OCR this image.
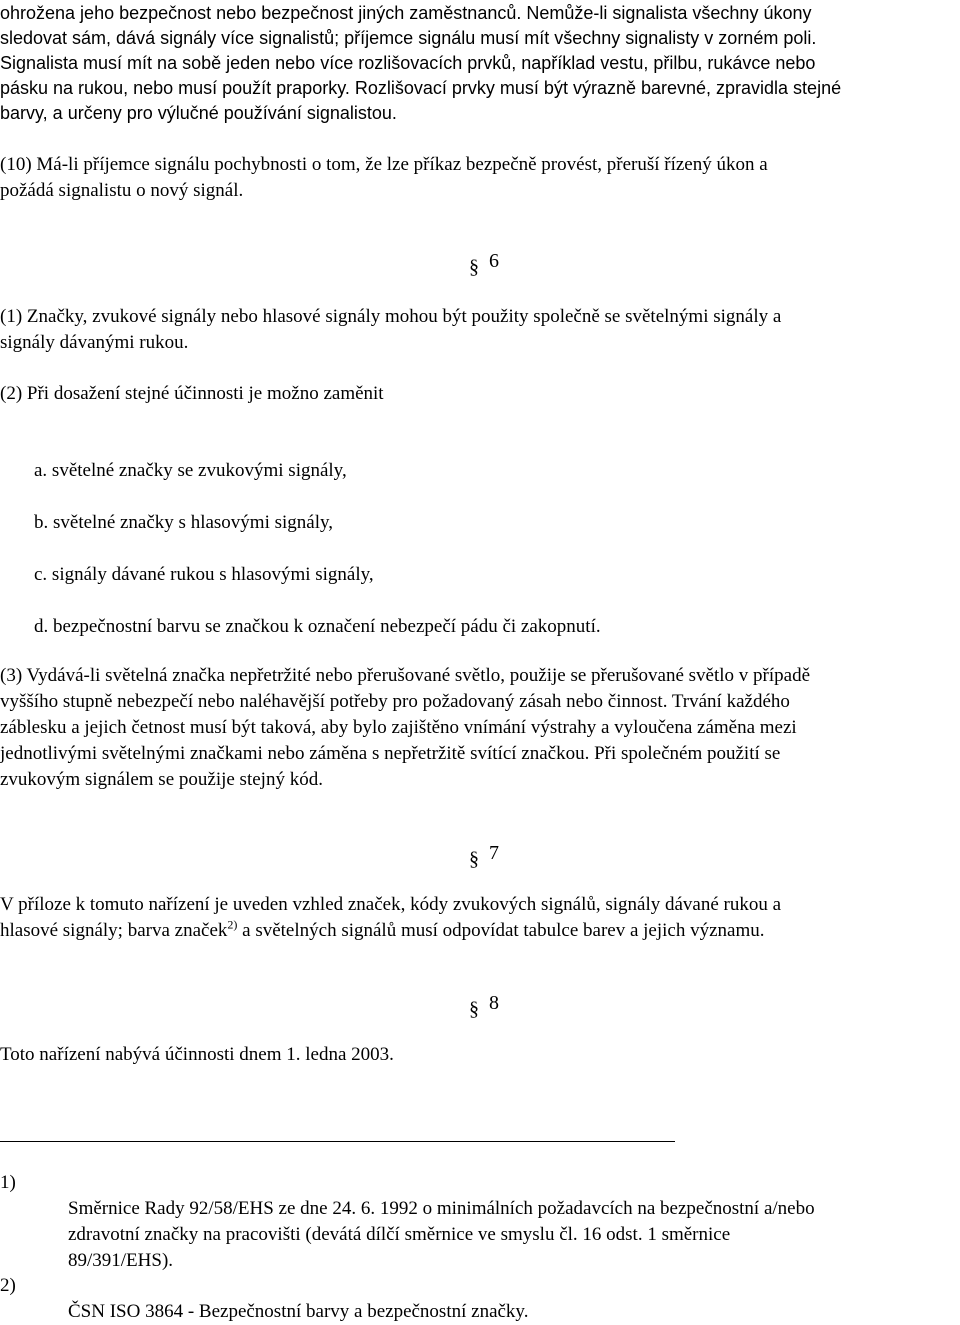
ohrožena jeho bezpečnost nebo bezpečnost jiných zaměstnanců. Nemůže-li signalista všechny úkony
sledovat sám, dává signály více signalistů; příjemce signálu musí mít všechny signalisty v zorném poli.
Signalista musí mít na sobě jeden nebo více rozlišovacích prvků, například vestu, přilbu, rukávce nebo
pásku na rukou, nebo musí použít praporky. Rozlišovací prvky musí být výrazně barevné, zpravidla stejné
barvy, a určeny pro výlučné používání signalistou.
(10) Má-li příjemce signálu pochybnosti o tom, že lze příkaz bezpečně provést, přeruší řízený úkon a
požádá signalistu o nový signál.
§ 6
(1) Značky, zvukové signály nebo hlasové signály mohou být použity společně se světelnými signály a
signály dávanými rukou.
(2) Při dosažení stejné účinnosti je možno zaměnit
a. světelné značky se zvukovými signály,
b. světelné značky s hlasovými signály,
c. signály dávané rukou s hlasovými signály,
d. bezpečnostní barvu se značkou k označení nebezpečí pádu či zakopnutí.
(3) Vydává-li světelná značka nepřetržité nebo přerušované světlo, použije se přerušované světlo v případě
vyššího stupně nebezpečí nebo naléhavější potřeby pro požadovaný zásah nebo činnost. Trvání každého
záblesku a jejich četnost musí být taková, aby bylo zajištěno vnímání výstrahy a vyloučena záměna mezi
jednotlivými světelnými značkami nebo záměna s nepřetržitě svítící značkou. Při společném použití se
zvukovým signálem se použije stejný kód.
§ 7
V příloze k tomuto nařízení je uveden vzhled značek, kódy zvukových signálů, signály dávané rukou a
hlasové signály; barva značek$^{2)}$ a světelných signálů musí odpovídat tabulce barev a jejich významu.
§ 8
Toto nařízení nabývá účinnosti dnem 1. ledna 2003.
1)
Směrnice Rady 92/58/EHS ze dne 24. 6. 1992 o minimálních požadavcích na bezpečnostní a/nebo
zdravotní značky na pracovišti (devátá dílčí směrnice ve smyslu čl. 16 odst. 1 směrnice
89/391/EHS).
2)
ČSN ISO 3864 - Bezpečnostní barvy a bezpečnostní značky.
